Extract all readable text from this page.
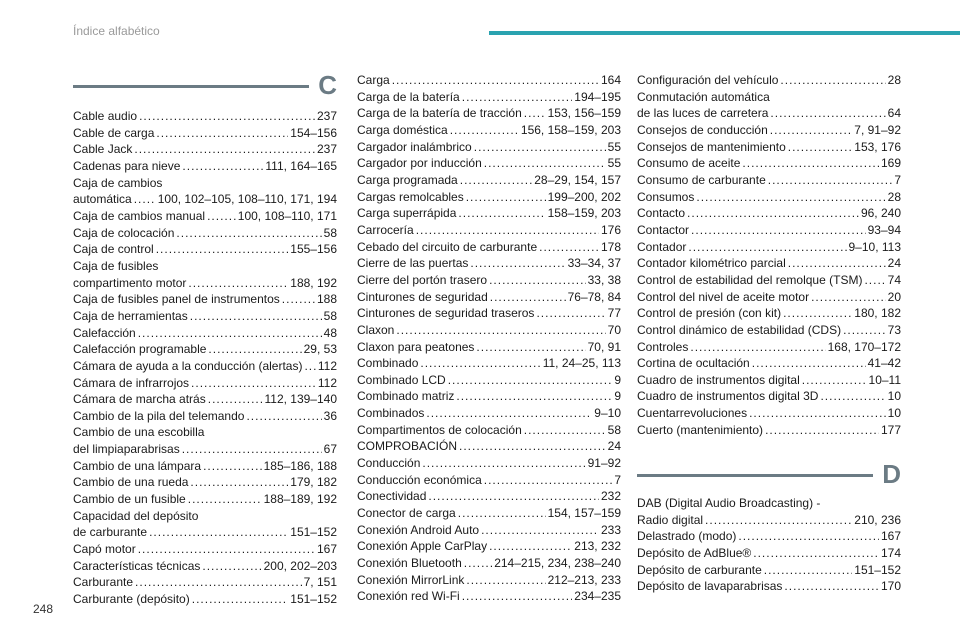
Índice alfabético
C
Cable audio .....	237
Cable de carga .....	154–156
Cable Jack .....	237
Cadenas para nieve .....	111, 164–165
Caja de cambios
automática ..... 100, 102–105, 108–110, 171, 194
Caja de cambios manual .....	100, 108–110, 171
Caja de colocación .....	58
Caja de control .....	155–156
Caja de fusibles
compartimento motor .....	188, 192
Caja de fusibles panel de instrumentos .....	188
Caja de herramientas .....	58
Calefacción .....	48
Calefacción programable .....	29, 53
Cámara de ayuda a la conducción (alertas) ..... 112
Cámara de infrarrojos .....	112
Cámara de marcha atrás .....	112, 139–140
Cambio de la pila del telemando .....	36
Cambio de una escobilla
del limpiaparabrisas .....	67
Cambio de una lámpara .....	185–186, 188
Cambio de una rueda .....	179, 182
Cambio de un fusible .....	188–189, 192
Capacidad del depósito
de carburante .....	151–152
Capó motor .....	167
Características técnicas .....	200, 202–203
Carburante .....	7, 151
Carburante (depósito) .....	151–152
Carga .....	164
Carga de la batería .....	194–195
Carga de la batería de tracción ..... 153, 156–159
Carga doméstica .....	156, 158–159, 203
Cargador inalámbrico .....	55
Cargador por inducción .....	55
Carga programada .....	28–29, 154, 157
Cargas remolcables .....	199–200, 202
Carga superrápida .....	158–159, 203
Carrocería .....	176
Cebado del circuito de carburante .....	178
Cierre de las puertas .....	33–34, 37
Cierre del portón trasero .....	33, 38
Cinturones de seguridad .....	76–78, 84
Cinturones de seguridad traseros .....	77
Claxon .....	70
Claxon para peatones .....	70, 91
Combinado .....	11, 24–25, 113
Combinado LCD .....	9
Combinado matriz .....	9
Combinados .....	9–10
Compartimentos de colocación .....	58
COMPROBACIÓN .....	24
Conducción .....	91–92
Conducción económica .....	7
Conectividad .....	232
Conector de carga .....	154, 157–159
Conexión Android Auto .....	233
Conexión Apple CarPlay .....	213, 232
Conexión Bluetooth .....	214–215, 234, 238–240
Conexión MirrorLink .....	212–213, 233
Conexión red Wi-Fi .....	234–235
Configuración del vehículo .....	28
Conmutación automática
de las luces de carretera .....	64
Consejos de conducción .....	7, 91–92
Consejos de mantenimiento .....	153, 176
Consumo de aceite .....	169
Consumo de carburante .....	7
Consumos .....	28
Contacto .....	96, 240
Contactor .....	93–94
Contador .....	9–10, 113
Contador kilométrico parcial .....	24
Control de estabilidad del remolque (TSM) ..... 74
Control del nivel de aceite motor .....	20
Control de presión (con kit) .....	180, 182
Control dinámico de estabilidad (CDS) .....	73
Controles .....	168, 170–172
Cortina de ocultación .....	41–42
Cuadro de instrumentos digital .....	10–11
Cuadro de instrumentos digital 3D .....	10
Cuentarrevoluciones .....	10
Cuerto (mantenimiento) .....	177
D
DAB (Digital Audio Broadcasting) -
Radio digital .....	210, 236
Delastrado (modo) .....	167
Depósito de AdBlue® .....	174
Depósito de carburante .....	151–152
Depósito de lavaparabrisas .....	170
248
